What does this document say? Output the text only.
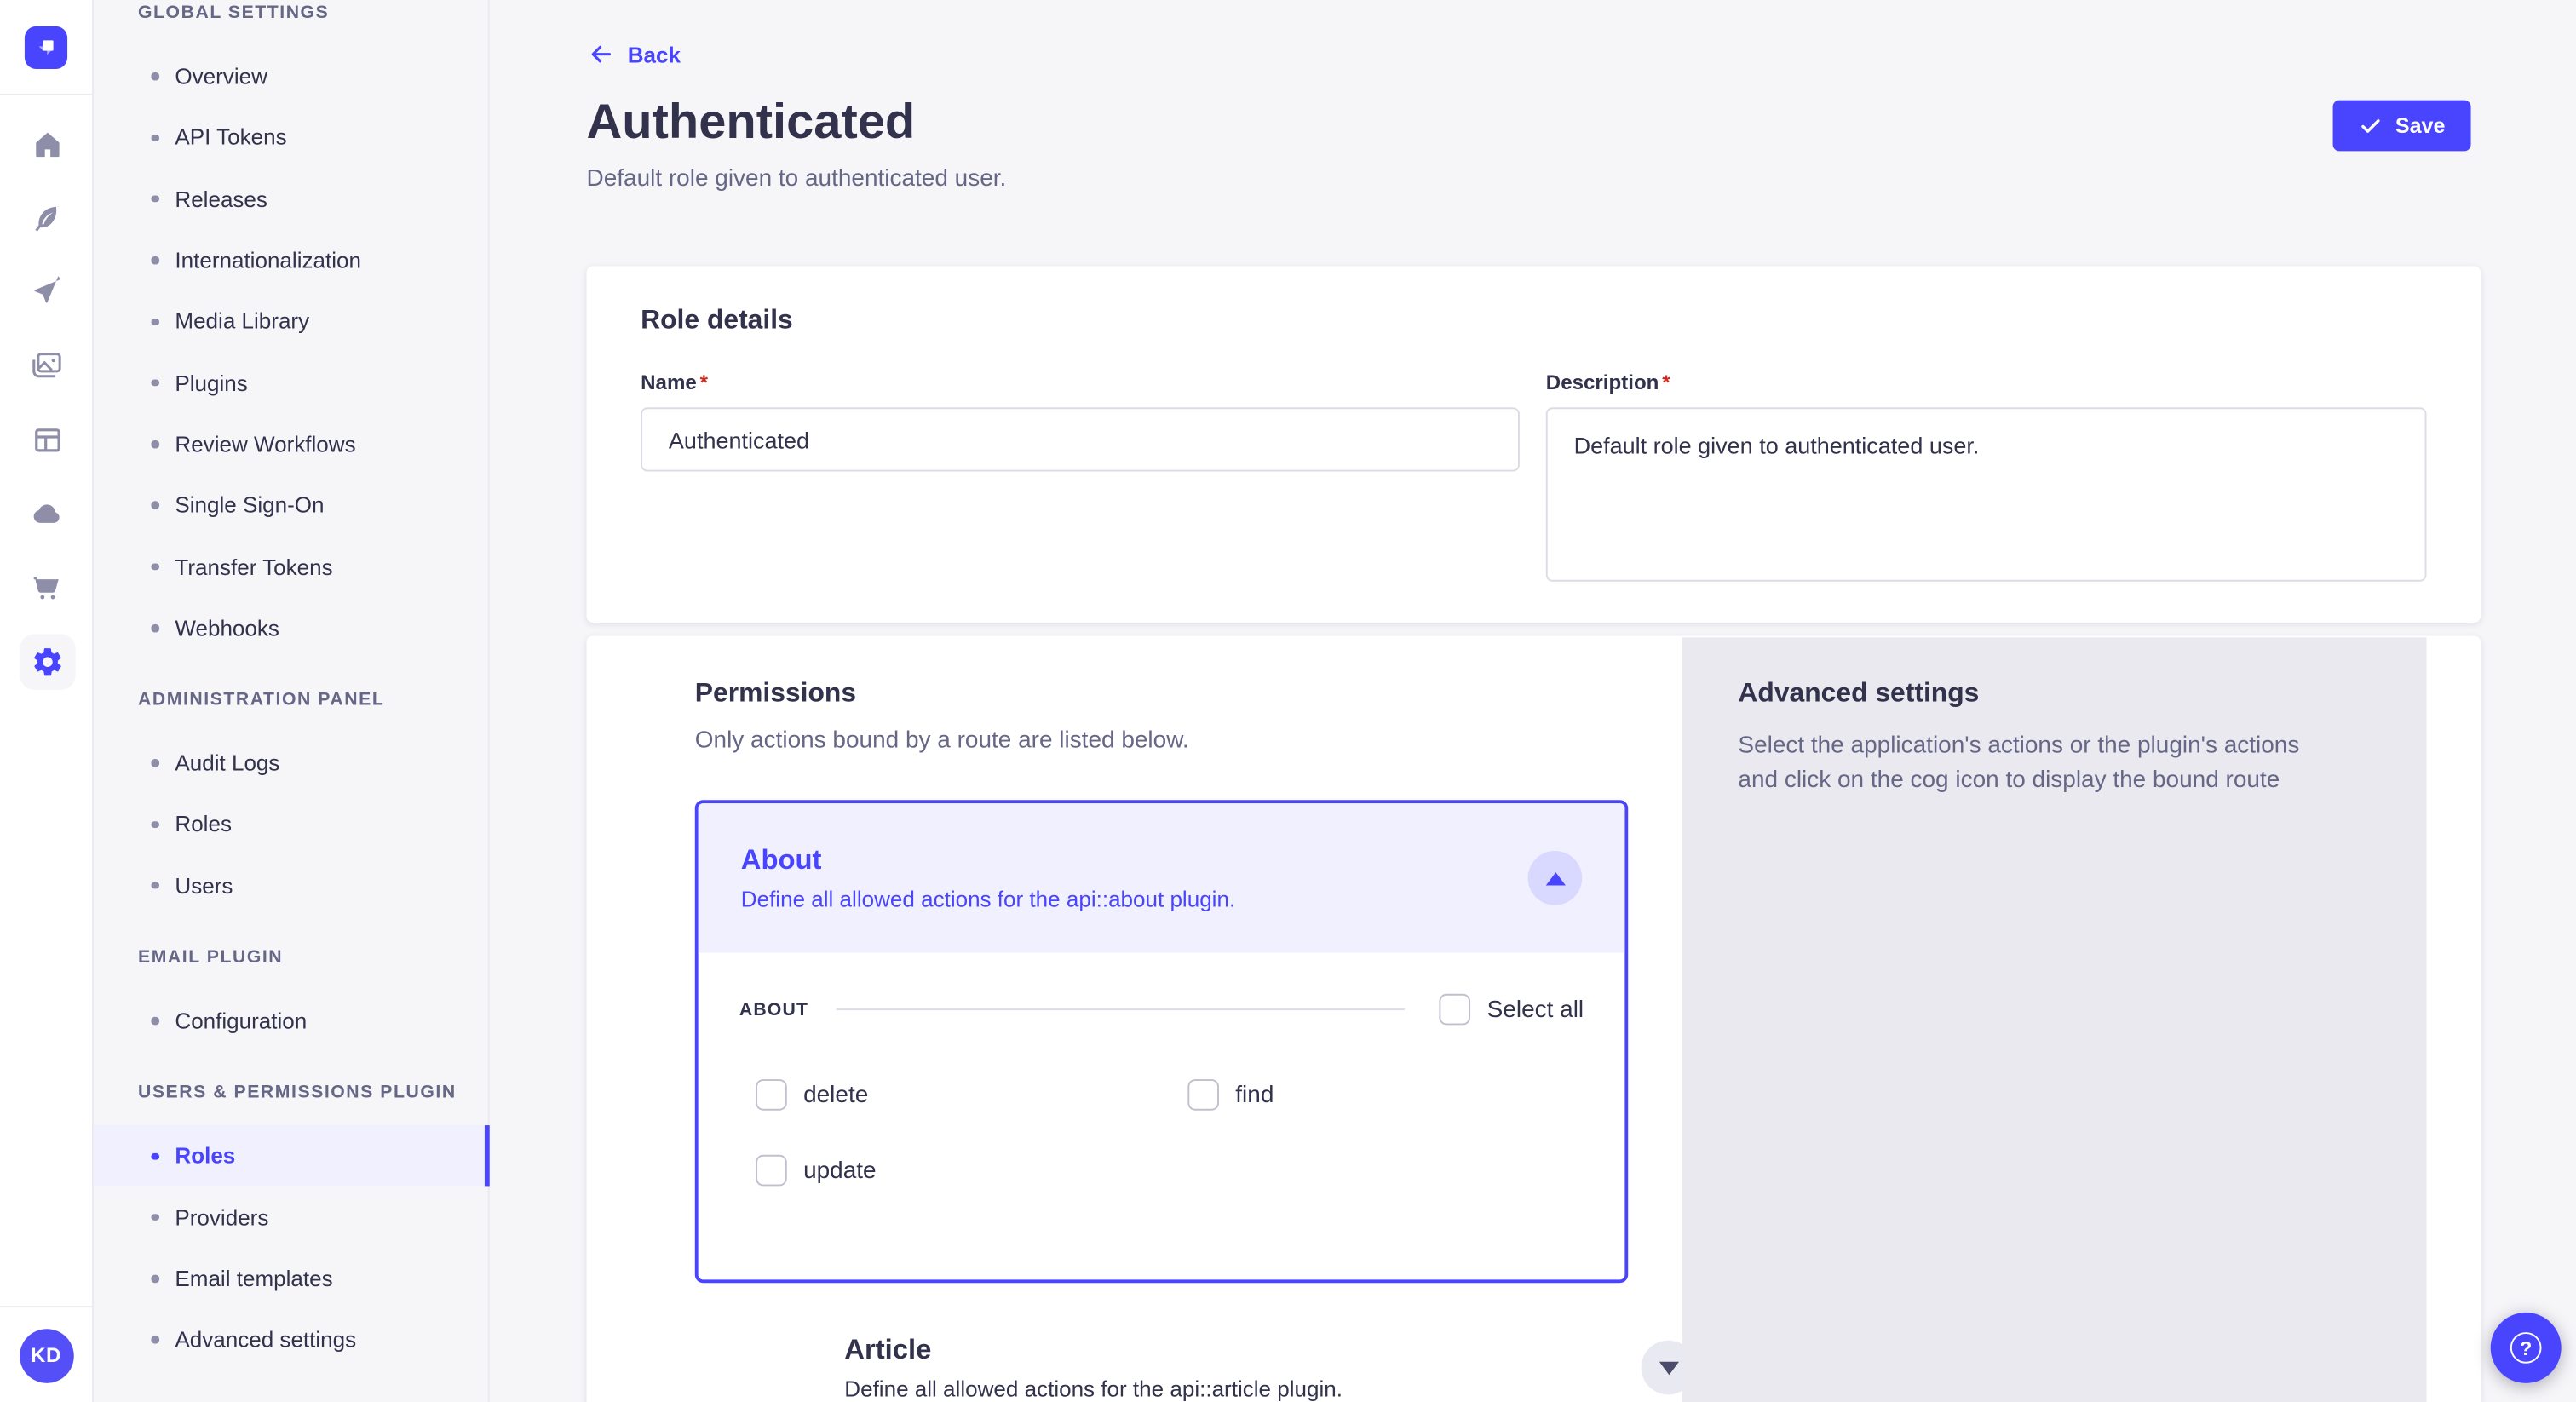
KD
GLOBAL SETTINGS
Overview
API Tokens
Releases
Internationalization
Media Library
Plugins
Review Workflows
Single Sign-On
Transfer Tokens
Webhooks
ADMINISTRATION PANEL
Audit Logs
Roles
Users
EMAIL PLUGIN
Configuration
USERS & PERMISSIONS PLUGIN
Roles
Providers
Email templates
Advanced settings
Back
Authenticated

Default role given to authenticated user.

Save
Role details
Name *
Authenticated	Description *
Default role given to authenticated user.
Permissions

Only actions bound by a route are listed below.

About
Define all allowed actions for the api::about plugin.
ABOUT	Select all
delete	find
update
Article
Define all allowed actions for the api::article plugin.
Advanced settings

Select the application's actions or the plugin's actions
and click on the cog icon to display the bound route

?
